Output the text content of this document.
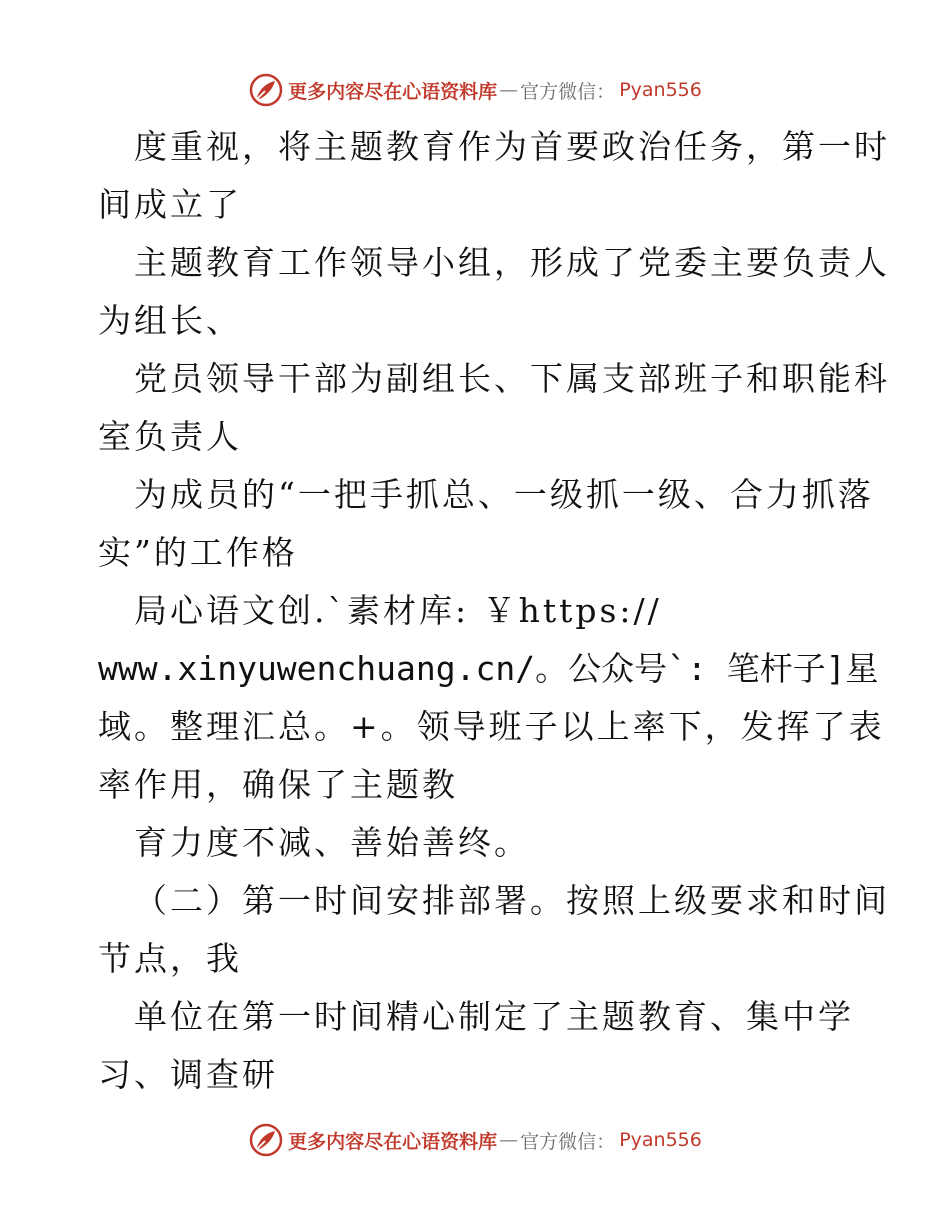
更多内容尽在心语资料库 — 官方微信： Pyan556
度重视，将主题教育作为首要政治任务，第一时
间成立了
主题教育工作领导小组，形成了党委主要负责人
为组长、
党员领导干部为副组长、下属支部班子和职能科
室负责人
为成员的“一把手抓总、一级抓一级、合力抓落
实”的工作格
局心语文创.`素材库: ￥https://
www.xinyuwenchuang.cn/。公众号`: 笔杆子]星
域。整理汇总。+。领导班子以上率下，发挥了表
率作用，确保了主题教
育力度不减、善始善终。
（二）第一时间安排部署。按照上级要求和时间
节点，我
单位在第一时间精心制定了主题教育、集中学
习、调查研
更多内容尽在心语资料库 — 官方微信： Pyan556
